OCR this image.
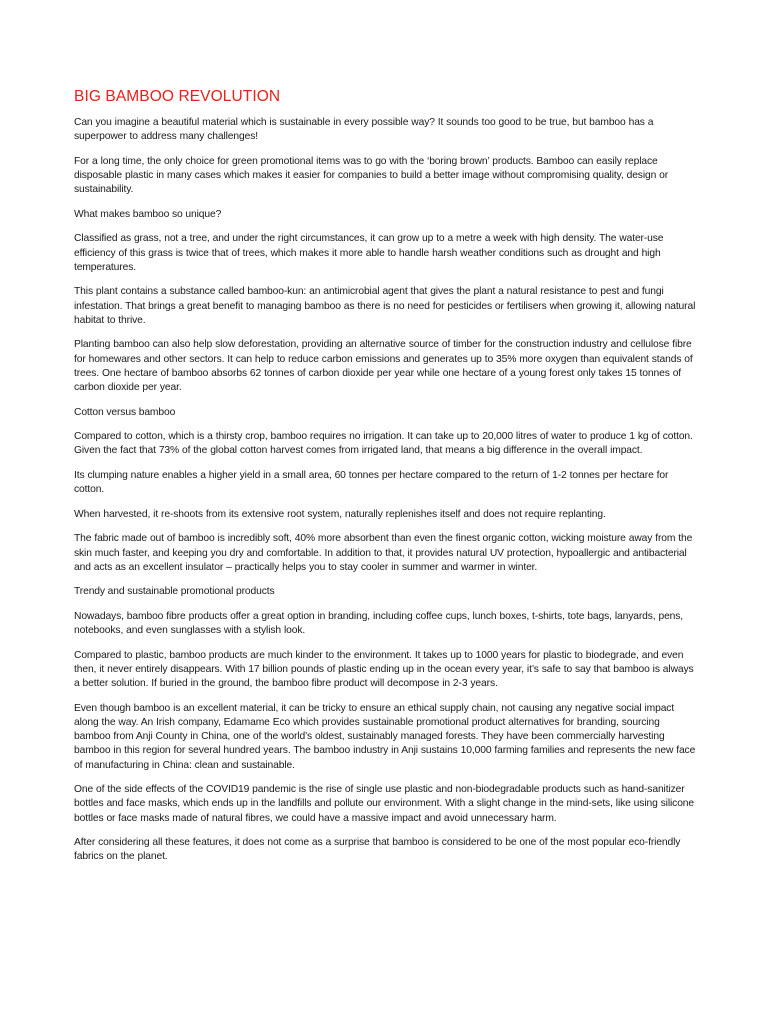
BIG BAMBOO REVOLUTION

Can you imagine a beautiful material which is sustainable in every possible way? It sounds too good to be true, but bamboo has a superpower to address many challenges!

For a long time, the only choice for green promotional items was to go with the ‘boring brown’ products. Bamboo can easily replace disposable plastic in many cases which makes it easier for companies to build a better image without compromising quality, design or sustainability.

What makes bamboo so unique?

Classified as grass, not a tree, and under the right circumstances, it can grow up to a metre a week with high density. The water-use efficiency of this grass is twice that of trees, which makes it more able to handle harsh weather conditions such as drought and high temperatures.

This plant contains a substance called bamboo-kun: an antimicrobial agent that gives the plant a natural resistance to pest and fungi infestation. That brings a great benefit to managing bamboo as there is no need for pesticides or fertilisers when growing it, allowing natural habitat to thrive.

Planting bamboo can also help slow deforestation, providing an alternative source of timber for the construction industry and cellulose fibre for homewares and other sectors. It can help to reduce carbon emissions and generates up to 35% more oxygen than equivalent stands of trees. One hectare of bamboo absorbs 62 tonnes of carbon dioxide per year while one hectare of a young forest only takes 15 tonnes of carbon dioxide per year.

Cotton versus bamboo

Compared to cotton, which is a thirsty crop, bamboo requires no irrigation. It can take up to 20,000 litres of water to produce 1 kg of cotton. Given the fact that 73% of the global cotton harvest comes from irrigated land, that means a big difference in the overall impact.

Its clumping nature enables a higher yield in a small area, 60 tonnes per hectare compared to the return of 1-2 tonnes per hectare for cotton.

When harvested, it re-shoots from its extensive root system, naturally replenishes itself and does not require replanting.

The fabric made out of bamboo is incredibly soft, 40% more absorbent than even the finest organic cotton, wicking moisture away from the skin much faster, and keeping you dry and comfortable. In addition to that, it provides natural UV protection, hypoallergic and antibacterial and acts as an excellent insulator – practically helps you to stay cooler in summer and warmer in winter.

Trendy and sustainable promotional products

Nowadays, bamboo fibre products offer a great option in branding, including coffee cups, lunch boxes, t-shirts, tote bags, lanyards, pens, notebooks, and even sunglasses with a stylish look.

Compared to plastic, bamboo products are much kinder to the environment. It takes up to 1000 years for plastic to biodegrade, and even then, it never entirely disappears. With 17 billion pounds of plastic ending up in the ocean every year, it’s safe to say that bamboo is always a better solution. If buried in the ground, the bamboo fibre product will decompose in 2-3 years.

Even though bamboo is an excellent material, it can be tricky to ensure an ethical supply chain, not causing any negative social impact along the way. An Irish company, Edamame Eco which provides sustainable promotional product alternatives for branding, sourcing bamboo from Anji County in China, one of the world’s oldest, sustainably managed forests. They have been commercially harvesting bamboo in this region for several hundred years. The bamboo industry in Anji sustains 10,000 farming families and represents the new face of manufacturing in China: clean and sustainable.

One of the side effects of the COVID19 pandemic is the rise of single use plastic and non-biodegradable products such as hand-sanitizer bottles and face masks, which ends up in the landfills and pollute our environment. With a slight change in the mind-sets, like using silicone bottles or face masks made of natural fibres, we could have a massive impact and avoid unnecessary harm.

After considering all these features, it does not come as a surprise that bamboo is considered to be one of the most popular eco-friendly fabrics on the planet.
